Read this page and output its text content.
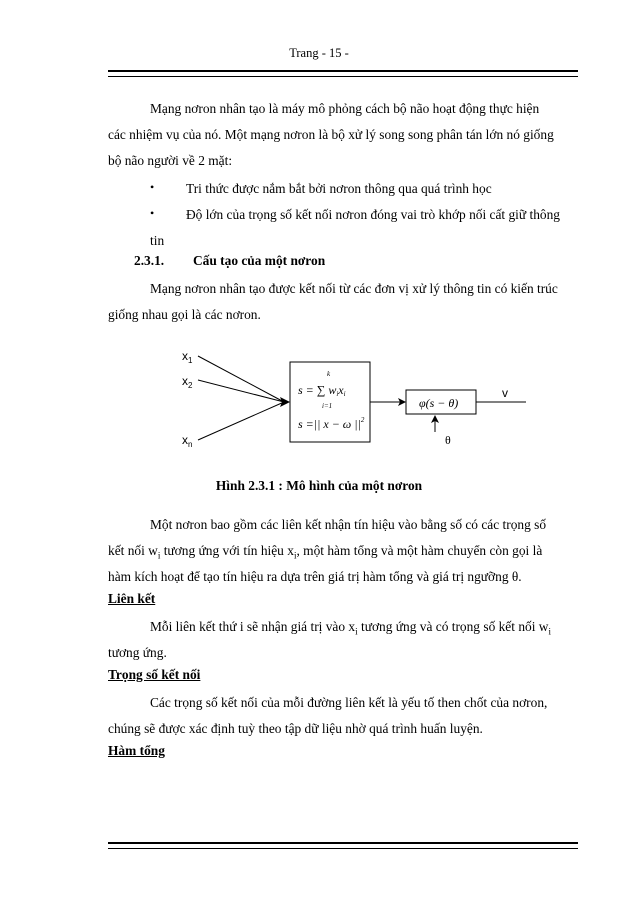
Trang - 15 -

Mạng nơron nhân tạo là máy mô phỏng cách bộ não hoạt động thực hiện

các nhiệm vụ của nó. Một mạng nơron là bộ xử lý song song phân tán lớn nó giống

bộ não người về 2 mặt:

• Tri thức được nắm bắt bởi nơron thông qua quá trình học

• Độ lớn của trọng số kết nối nơron đóng vai trò khớp nối cất giữ thông

tin

2.3.1. Cấu tạo của một nơron

Mạng nơron nhân tạo được kết nối từ các đơn vị xử lý thông tin có kiến trúc

giống nhau gọi là các nơron.

$x_1$
$x_2$
$x_n$
k
s = ∑ wixi
i=1
s =|| x − ω $||^2$
φ(s − θ)
v
θ
Hình 2.3.1 : Mô hình của một nơron

Một nơron bao gồm các liên kết nhận tín hiệu vào bằng số có các trọng số

kết nối $w_i$ tương ứng với tín hiệu $x_i$, một hàm tổng và một hàm chuyển còn gọi là

hàm kích hoạt để tạo tín hiệu ra dựa trên giá trị hàm tổng và giá trị ngưỡng θ.

Liên kết

Mỗi liên kết thứ i sẽ nhận giá trị vào $x_i$ tương ứng và có trọng số kết nối $w_i$

tương ứng.

Trọng số kết nối

Các trọng số kết nối của mỗi đường liên kết là yếu tố then chốt của nơron,

chúng sẽ được xác định tuỳ theo tập dữ liệu nhờ quá trình huấn luyện.

Hàm tổng
